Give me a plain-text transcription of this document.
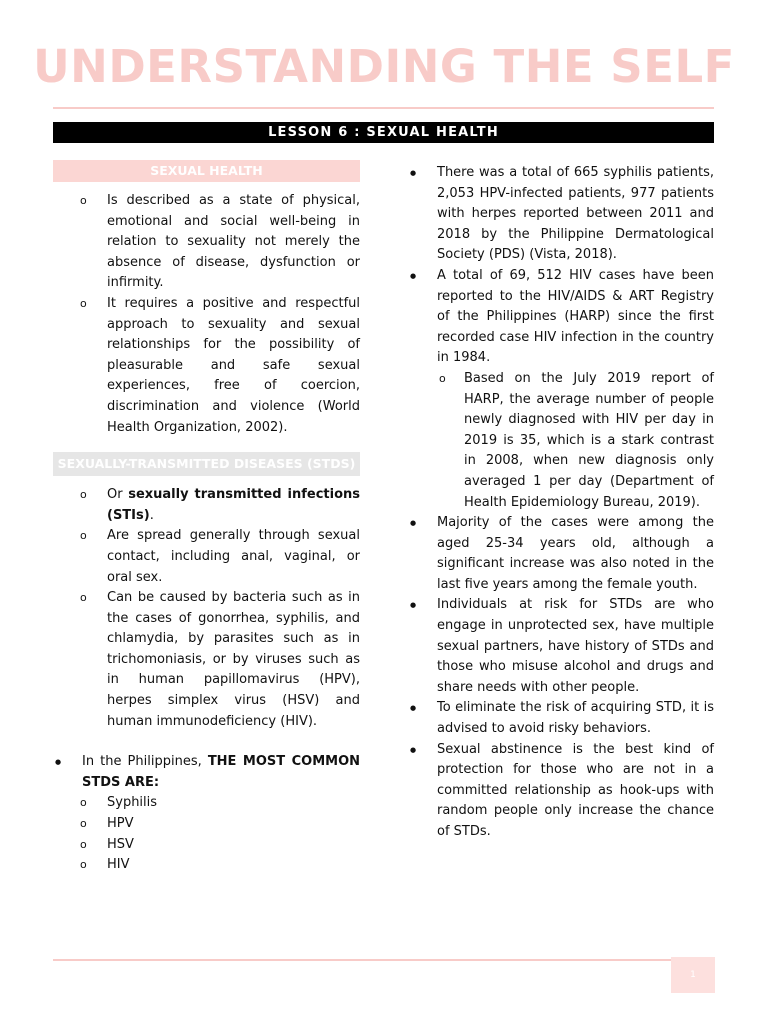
UNDERSTANDING THE SELF
LESSON 6 : SEXUAL HEALTH
SEXUAL HEALTH
o Is described as a state of physical, emotional and social well-being in relation to sexuality not merely the absence of disease, dysfunction or infirmity.
o It requires a positive and respectful approach to sexuality and sexual relationships for the possibility of pleasurable and safe sexual experiences, free of coercion, discrimination and violence (World Health Organization, 2002).
SEXUALLY-TRANSMITTED DISEASES (STDS)
o Or sexually transmitted infections (STIs).
o Are spread generally through sexual contact, including anal, vaginal, or oral sex.
o Can be caused by bacteria such as in the cases of gonorrhea, syphilis, and chlamydia, by parasites such as in trichomoniasis, or by viruses such as in human papillomavirus (HPV), herpes simplex virus (HSV) and human immunodeficiency (HIV).
● In the Philippines, THE MOST COMMON STDS ARE:
o Syphilis
o HPV
o HSV
o HIV
● There was a total of 665 syphilis patients, 2,053 HPV-infected patients, 977 patients with herpes reported between 2011 and 2018 by the Philippine Dermatological Society (PDS) (Vista, 2018).
● A total of 69, 512 HIV cases have been reported to the HIV/AIDS & ART Registry of the Philippines (HARP) since the first recorded case HIV infection in the country in 1984.
o Based on the July 2019 report of HARP, the average number of people newly diagnosed with HIV per day in 2019 is 35, which is a stark contrast in 2008, when new diagnosis only averaged 1 per day (Department of Health Epidemiology Bureau, 2019).
● Majority of the cases were among the aged 25-34 years old, although a significant increase was also noted in the last five years among the female youth.
● Individuals at risk for STDs are who engage in unprotected sex, have multiple sexual partners, have history of STDs and those who misuse alcohol and drugs and share needs with other people.
● To eliminate the risk of acquiring STD, it is advised to avoid risky behaviors.
● Sexual abstinence is the best kind of protection for those who are not in a committed relationship as hook-ups with random people only increase the chance of STDs.
1
